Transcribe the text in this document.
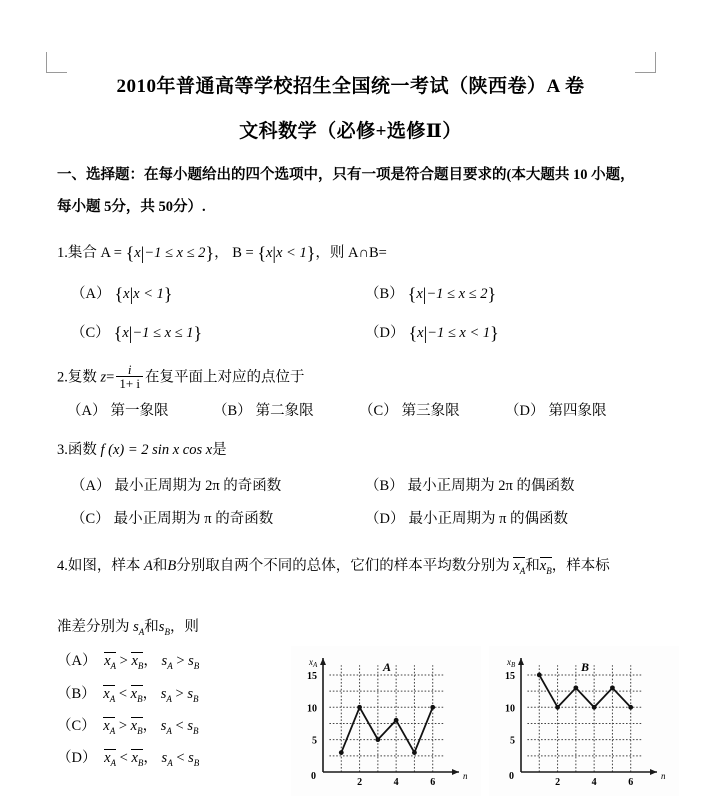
2010年普通高等学校招生全国统一考试（陕西卷）A 卷
文科数学（必修+选修Ⅱ）
一、选择题：在每小题给出的四个选项中，只有一项是符合题目要求的(本大题共 10 小题，
每小题 5分，共 50分）.
1.集合 A = {x|−1 ≤ x ≤ 2}， B = {x|x < 1}，则 A∩B=
（A） {x|x < 1}	（B） {x|−1 ≤ x ≤ 2}
（C） {x|−1 ≤ x ≤ 1}	（D） {x|−1 ≤ x < 1}
2.复数 $z= \frac{i}{1+ i}$ 在复平面上对应的点位于
（A） 第一象限	（B） 第二象限	（C） 第三象限	（D） 第四象限
3.函数 f (x) = 2 sin x cos x是
（A） 最小正周期为 2π 的奇函数	（B） 最小正周期为 2π 的偶函数
（C） 最小正周期为 π 的奇函数	（D） 最小正周期为 π 的偶函数
4.如图，样本 A和B分别取自两个不同的总体，它们的样本平均数分别为 $x_A$和$x_B$，样本标

准差分别为 $s_A$和$s_B$，则
（A） $x_A > x_B$， $s_A > s_B$
（B） $x_A < x_B$， $s_A > s_B$
（C） $x_A > x_B$， $s_A < s_B$
（D） $x_A < x_B$， $s_A < s_B$
5
10
15
2	4	6
0
$x_A$
n
A
5
10
15
2	4	6
0
$x_B$
n
B
